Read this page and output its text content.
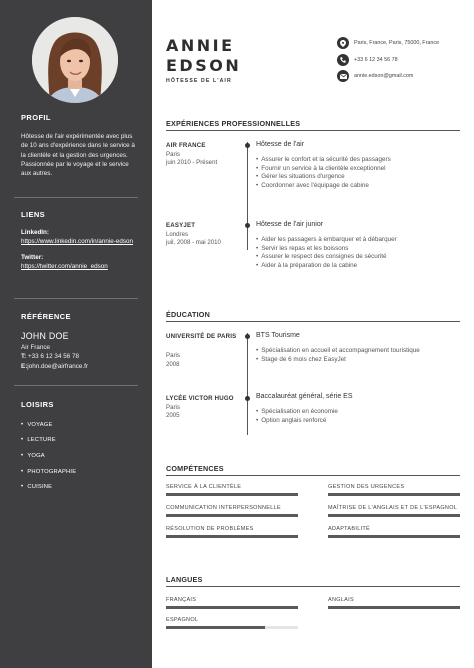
PROFIL
Hôtesse de l'air expérimentée avec plus de 10 ans d'expérience dans le service à la clientèle et la gestion des urgences. Passionnée par le voyage et le service aux autres.
LIENS
LinkedIn:
https://www.linkedin.com/in/annie-edson
Twitter:
https://twitter.com/annie_edson
RÉFÉRENCE
JOHN DOE
Air France
T: +33 6 12 34 56 78
E:john.doe@airfrance.fr
LOISIRS
• VOYAGE
• LECTURE
• YOGA
• PHOTOGRAPHIE
• CUISINE
ANNIE
EDSON
HÔTESSE DE L'AIR
Paris, France, Paris, 75000, France
+33 6 12 34 56 78
annie.edson@gmail.com
EXPÉRIENCES PROFESSIONNELLES
AIR FRANCE
Paris
juin 2010 - Présent
Hôtesse de l'air
• Assurer le confort et la sécurité des passagers
• Fournir un service à la clientèle exceptionnel
• Gérer les situations d'urgence
• Coordonner avec l'équipage de cabine
EASYJET
Londres
juil. 2008 - mai 2010
Hôtesse de l'air junior
• Aider les passagers à embarquer et à débarquer
• Servir les repas et les boissons
• Assurer le respect des consignes de sécurité
• Aider à la préparation de la cabine
ÉDUCATION
UNIVERSITÉ DE PARIS
Paris
2008
BTS Tourisme
• Spécialisation en accueil et accompagnement touristique
• Stage de 6 mois chez EasyJet
LYCÉE VICTOR HUGO
Paris
2005
Baccalauréat général, série ES
• Spécialisation en économie
• Option anglais renforcé
COMPÉTENCES
SERVICE À LA CLIENTÈLE	GESTION DES URGENCES
COMMUNICATION INTERPERSONNELLE	MAÎTRISE DE L'ANGLAIS ET DE L'ESPAGNOL
RÉSOLUTION DE PROBLÈMES	ADAPTABILITÉ
LANGUES
FRANÇAIS	ANGLAIS
ESPAGNOL
